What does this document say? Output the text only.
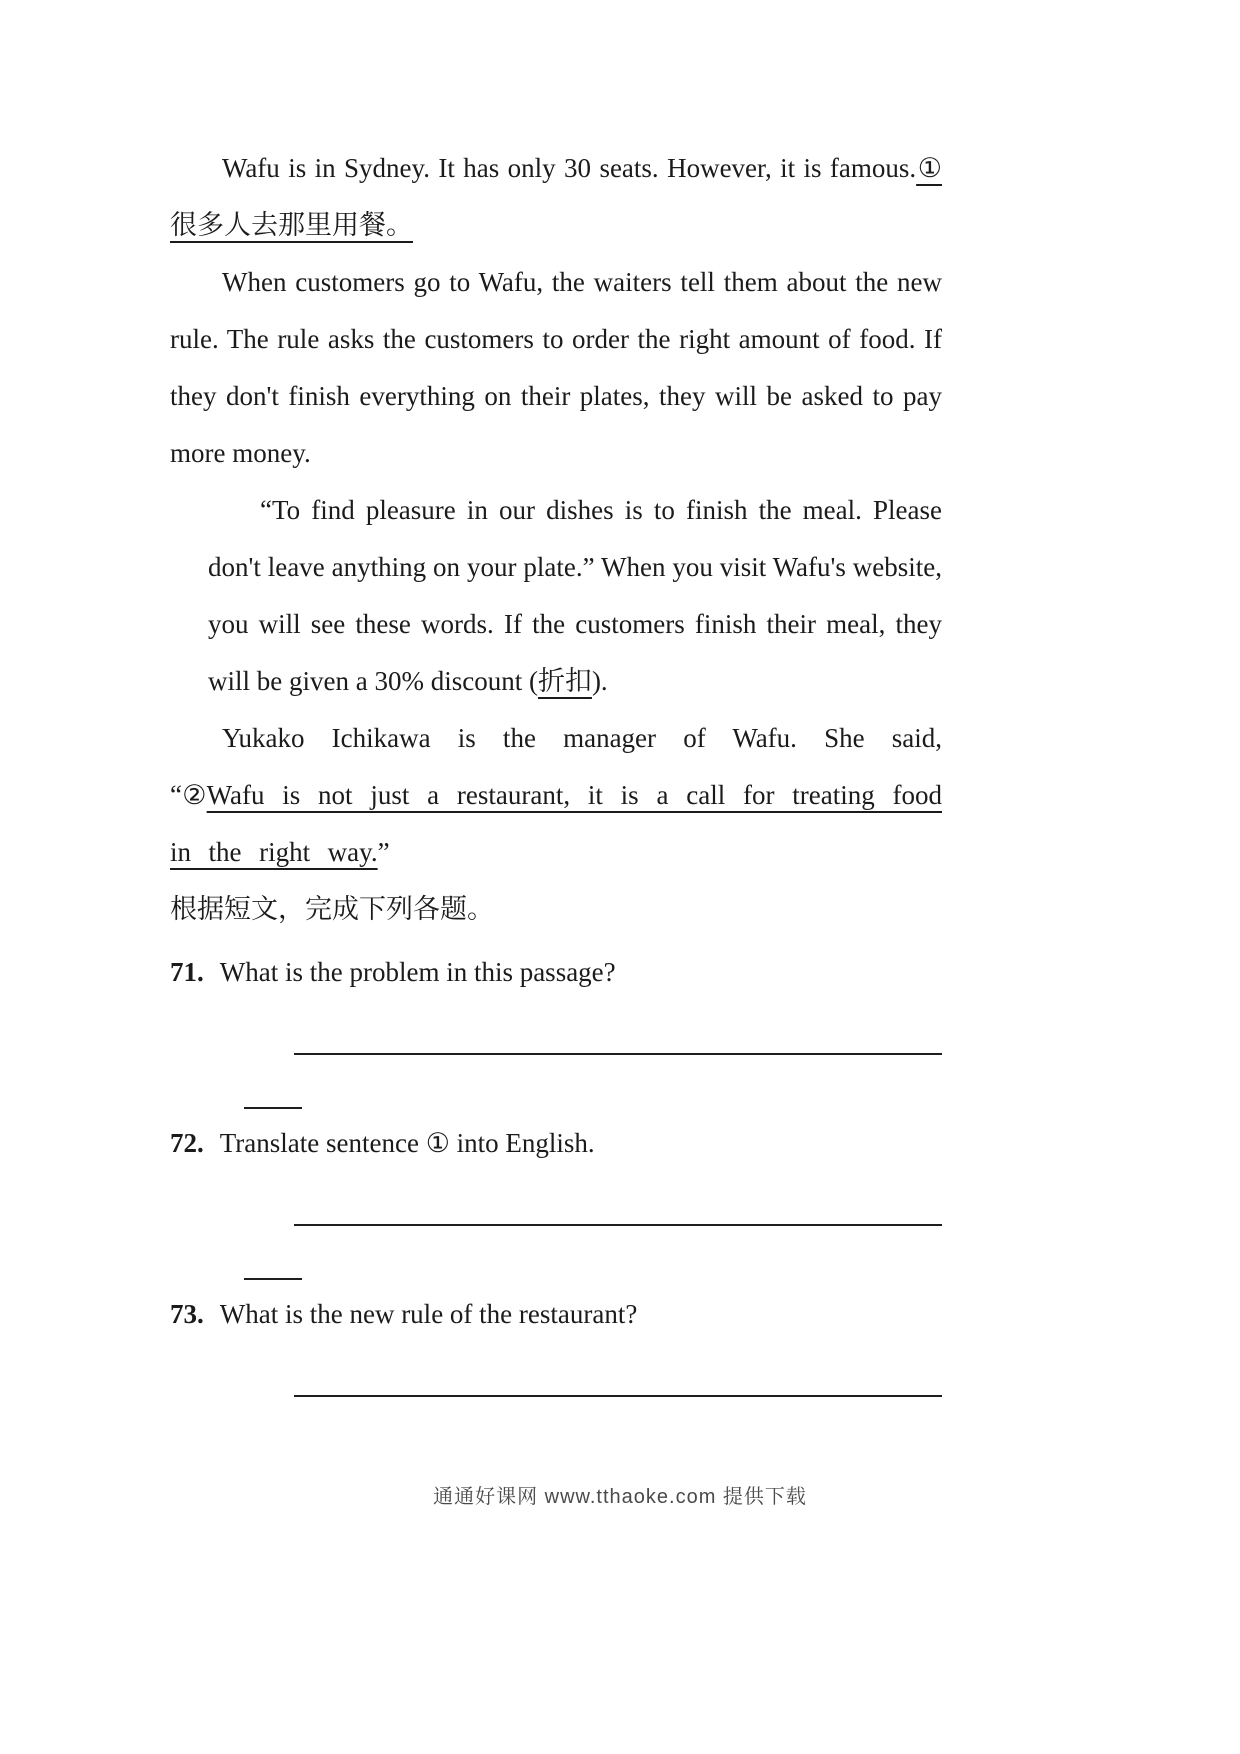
Wafu is in Sydney. It has only 30 seats. However, it is famous.①很多人去那里用餐。

When customers go to Wafu, the waiters tell them about the new rule. The rule asks the customers to order the right amount of food. If they don't finish everything on their plates, they will be asked to pay more money.

“To find pleasure in our dishes is to finish the meal. Please don't leave anything on your plate.” When you visit Wafu's website, you will see these words. If the customers finish their meal, they will be given a 30% discount (折扣).

Yukako Ichikawa is the manager of Wafu. She said, “②Wafu is not just a restaurant, it is a call for treating food in the right way.”

根据短文，完成下列各题。

71. What is the problem in this passage?
72. Translate sentence ① into English.
73. What is the new rule of the restaurant?
通通好课网 www.tthaoke.com 提供下载
